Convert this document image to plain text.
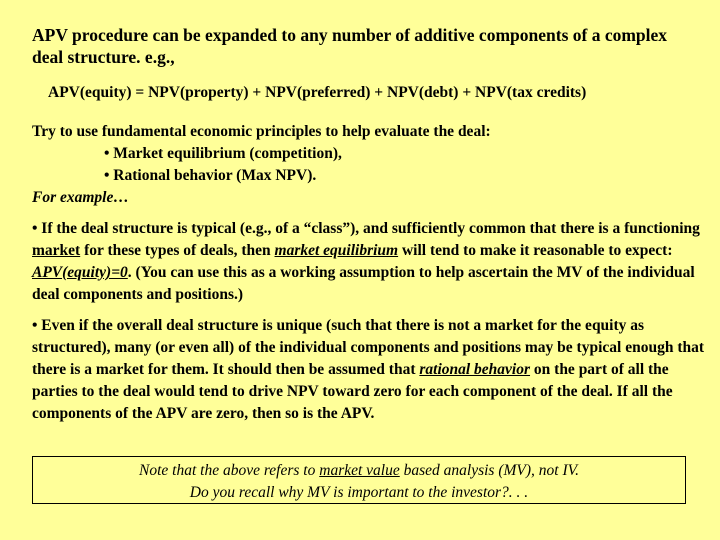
APV procedure can be expanded to any number of additive components of a complex deal structure. e.g.,
APV(equity) = NPV(property) + NPV(preferred) + NPV(debt) + NPV(tax credits)
Try to use fundamental economic principles to help evaluate the deal:
• Market equilibrium (competition),
• Rational behavior (Max NPV).
For example…
• If the deal structure is typical (e.g., of a “class”), and sufficiently common that there is a functioning market for these types of deals, then market equilibrium will tend to make it reasonable to expect: APV(equity)=0. (You can use this as a working assumption to help ascertain the MV of the individual deal components and positions.)
• Even if the overall deal structure is unique (such that there is not a market for the equity as structured), many (or even all) of the individual components and positions may be typical enough that there is a market for them. It should then be assumed that rational behavior on the part of all the parties to the deal would tend to drive NPV toward zero for each component of the deal. If all the components of the APV are zero, then so is the APV.
Note that the above refers to market value based analysis (MV), not IV.
Do you recall why MV is important to the investor?. . .
